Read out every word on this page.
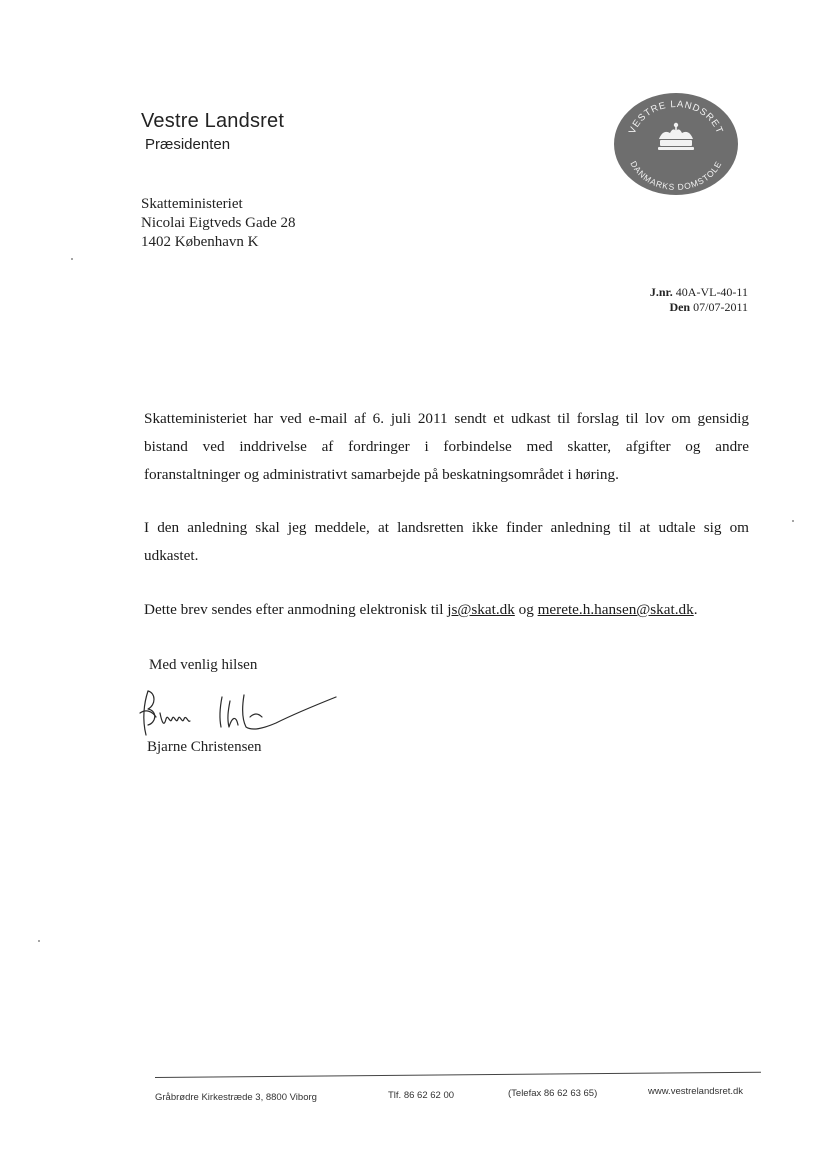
Vestre Landsret
Præsidenten
VESTRE LANDSRET
DANMARKS DOMSTOLE
Skatteministeriet
Nicolai Eigtveds Gade 28
1402 København K
J.nr. 40A-VL-40-11
Den 07/07-2011
Skatteministeriet har ved e-mail af 6. juli 2011 sendt et udkast til forslag til lov om gensidig
bistand ved inddrivelse af fordringer i forbindelse med skatter, afgifter og andre
foranstaltninger og administrativt samarbejde på beskatningsområdet i høring.
I den anledning skal jeg meddele, at landsretten ikke finder anledning til at udtale sig om
udkastet.
Dette brev sendes efter anmodning elektronisk til js@skat.dk og merete.h.hansen@skat.dk.
Med venlig hilsen
Bjarne Christensen
Gråbrødre Kirkestræde 3, 8800 Viborg	Tlf. 86 62 62 00	(Telefax 86 62 63 65)	www.vestrelandsret.dk
